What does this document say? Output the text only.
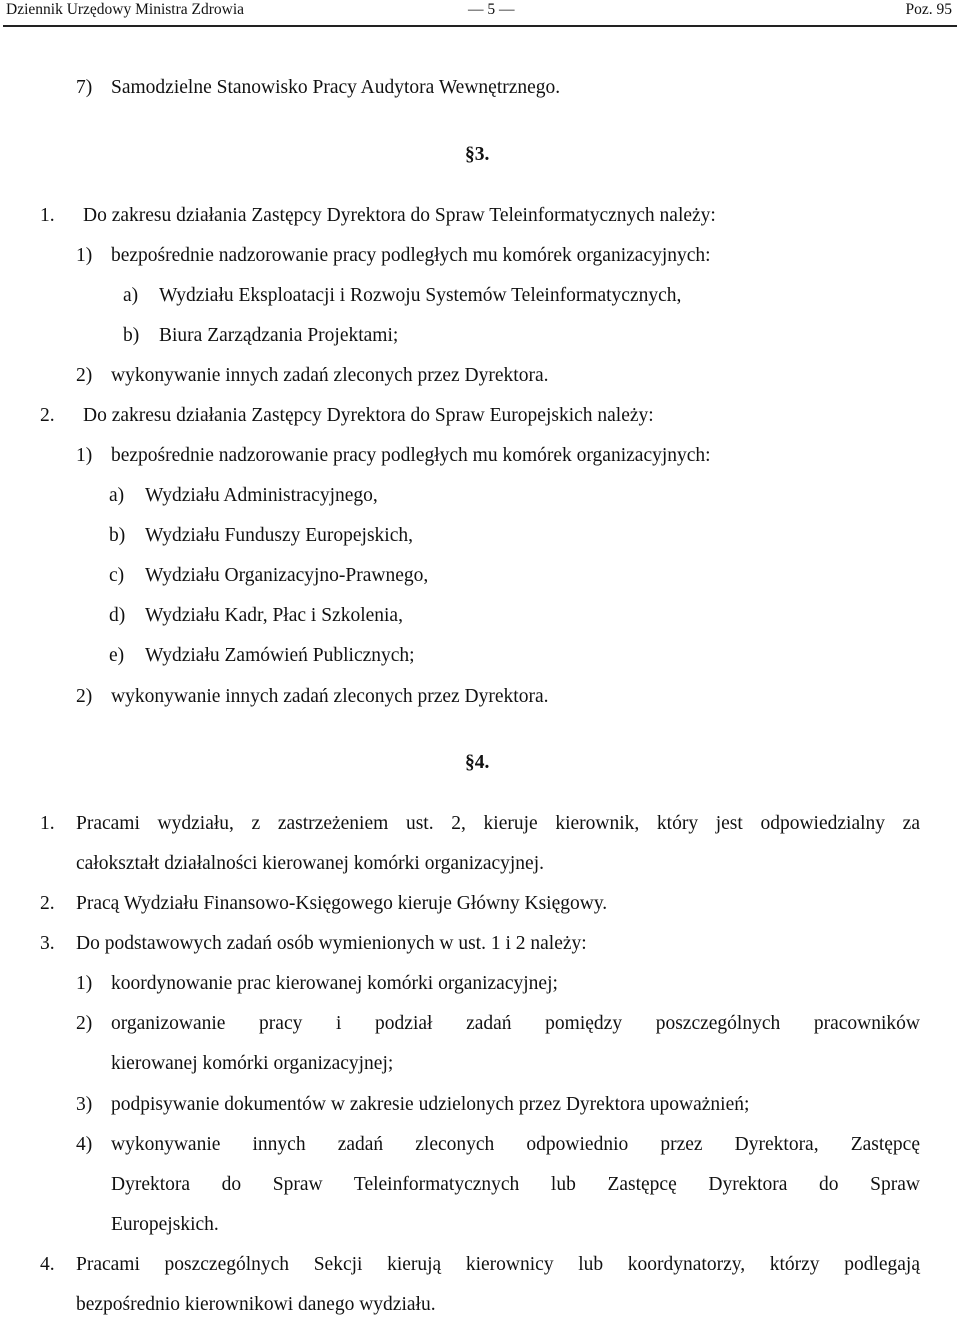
Dziennik Urzędowy Ministra Zdrowia	— 5 —	Poz. 95
7) Samodzielne Stanowisko Pracy Audytora Wewnętrznego.
§3.
1. Do zakresu działania Zastępcy Dyrektora do Spraw Teleinformatycznych należy:
1) bezpośrednie nadzorowanie pracy podległych mu komórek organizacyjnych:
a) Wydziału Eksploatacji i Rozwoju Systemów Teleinformatycznych,
b) Biura Zarządzania Projektami;
2) wykonywanie innych zadań zleconych przez Dyrektora.
2. Do zakresu działania Zastępcy Dyrektora do Spraw Europejskich należy:
1) bezpośrednie nadzorowanie pracy podległych mu komórek organizacyjnych:
a) Wydziału Administracyjnego,
b) Wydziału Funduszy Europejskich,
c) Wydziału Organizacyjno-Prawnego,
d) Wydziału Kadr, Płac i Szkolenia,
e) Wydziału Zamówień Publicznych;
2) wykonywanie innych zadań zleconych przez Dyrektora.
§4.
1. Pracami wydziału, z zastrzeżeniem ust. 2, kieruje kierownik, który jest odpowiedzialny za
całokształt działalności kierowanej komórki organizacyjnej.
2. Pracą Wydziału Finansowo-Księgowego kieruje Główny Księgowy.
3. Do podstawowych zadań osób wymienionych w ust. 1 i 2 należy:
1) koordynowanie prac kierowanej komórki organizacyjnej;
2) organizowanie pracy i podział zadań pomiędzy poszczególnych pracowników
kierowanej komórki organizacyjnej;
3) podpisywanie dokumentów w zakresie udzielonych przez Dyrektora upoważnień;
4) wykonywanie innych zadań zleconych odpowiednio przez Dyrektora, Zastępcę
Dyrektora do Spraw Teleinformatycznych lub Zastępcę Dyrektora do Spraw
Europejskich.
4. Pracami poszczególnych Sekcji kierują kierownicy lub koordynatorzy, którzy podlegają
bezpośrednio kierownikowi danego wydziału.
